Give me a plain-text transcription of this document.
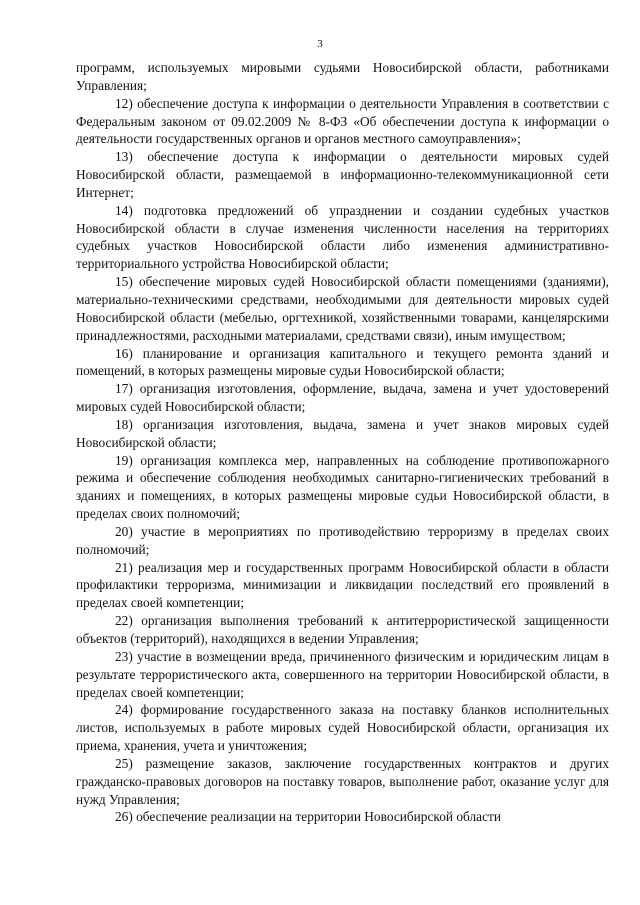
3

программ, используемых мировыми судьями Новосибирской области, работниками Управления;

12) обеспечение доступа к информации о деятельности Управления в соответствии с Федеральным законом от 09.02.2009 № 8-ФЗ «Об обеспечении доступа к информации о деятельности государственных органов и органов местного самоуправления»;

13) обеспечение доступа к информации о деятельности мировых судей Новосибирской области, размещаемой в информационно-телекоммуникационной сети Интернет;

14) подготовка предложений об упразднении и создании судебных участков Новосибирской области в случае изменения численности населения на территориях судебных участков Новосибирской области либо изменения административно-территориального устройства Новосибирской области;

15) обеспечение мировых судей Новосибирской области помещениями (зданиями), материально-техническими средствами, необходимыми для деятельности мировых судей Новосибирской области (мебелью, оргтехникой, хозяйственными товарами, канцелярскими принадлежностями, расходными материалами, средствами связи), иным имуществом;

16) планирование и организация капитального и текущего ремонта зданий и помещений, в которых размещены мировые судьи Новосибирской области;

17) организация изготовления, оформление, выдача, замена и учет удостоверений мировых судей Новосибирской области;

18) организация изготовления, выдача, замена и учет знаков мировых судей Новосибирской области;

19) организация комплекса мер, направленных на соблюдение противопожарного режима и обеспечение соблюдения необходимых санитарно-гигиенических требований в зданиях и помещениях, в которых размещены мировые судьи Новосибирской области, в пределах своих полномочий;

20) участие в мероприятиях по противодействию терроризму в пределах своих полномочий;

21) реализация мер и государственных программ Новосибирской области в области профилактики терроризма, минимизации и ликвидации последствий его проявлений в пределах своей компетенции;

22) организация выполнения требований к антитеррористической защищенности объектов (территорий), находящихся в ведении Управления;

23) участие в возмещении вреда, причиненного физическим и юридическим лицам в результате террористического акта, совершенного на территории Новосибирской области, в пределах своей компетенции;

24) формирование государственного заказа на поставку бланков исполнительных листов, используемых в работе мировых судей Новосибирской области, организация их приема, хранения, учета и уничтожения;

25) размещение заказов, заключение государственных контрактов и других гражданско-правовых договоров на поставку товаров, выполнение работ, оказание услуг для нужд Управления;

26) обеспечение реализации на территории Новосибирской области
